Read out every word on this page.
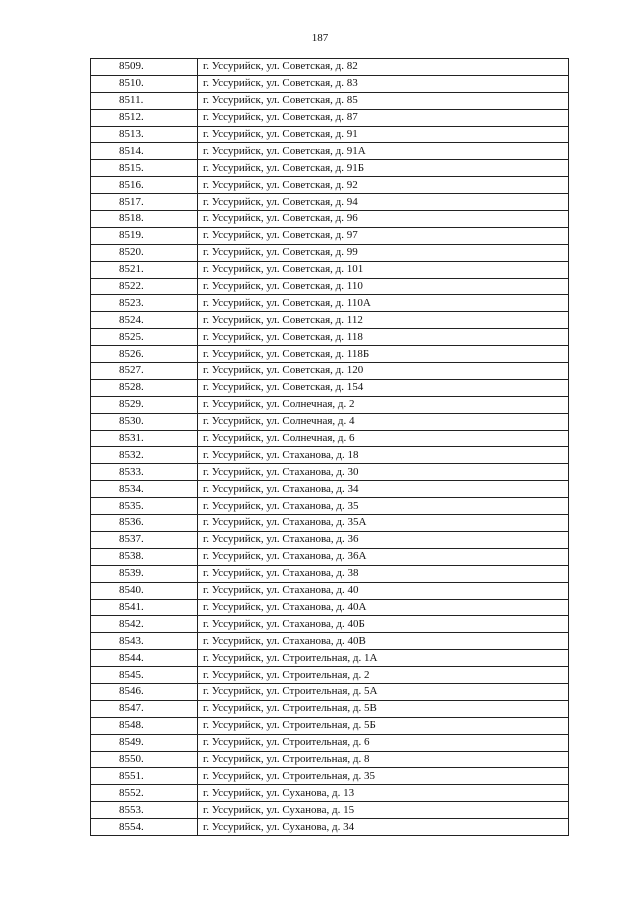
187
8509.	г. Уссурийск, ул. Советская, д. 82
8510.	г. Уссурийск, ул. Советская, д. 83
8511.	г. Уссурийск, ул. Советская, д. 85
8512.	г. Уссурийск, ул. Советская, д. 87
8513.	г. Уссурийск, ул. Советская, д. 91
8514.	г. Уссурийск, ул. Советская, д. 91А
8515.	г. Уссурийск, ул. Советская, д. 91Б
8516.	г. Уссурийск, ул. Советская, д. 92
8517.	г. Уссурийск, ул. Советская, д. 94
8518.	г. Уссурийск, ул. Советская, д. 96
8519.	г. Уссурийск, ул. Советская, д. 97
8520.	г. Уссурийск, ул. Советская, д. 99
8521.	г. Уссурийск, ул. Советская, д. 101
8522.	г. Уссурийск, ул. Советская, д. 110
8523.	г. Уссурийск, ул. Советская, д. 110А
8524.	г. Уссурийск, ул. Советская, д. 112
8525.	г. Уссурийск, ул. Советская, д. 118
8526.	г. Уссурийск, ул. Советская, д. 118Б
8527.	г. Уссурийск, ул. Советская, д. 120
8528.	г. Уссурийск, ул. Советская, д. 154
8529.	г. Уссурийск, ул. Солнечная, д. 2
8530.	г. Уссурийск, ул. Солнечная, д. 4
8531.	г. Уссурийск, ул. Солнечная, д. 6
8532.	г. Уссурийск, ул. Стаханова, д. 18
8533.	г. Уссурийск, ул. Стаханова, д. 30
8534.	г. Уссурийск, ул. Стаханова, д. 34
8535.	г. Уссурийск, ул. Стаханова, д. 35
8536.	г. Уссурийск, ул. Стаханова, д. 35А
8537.	г. Уссурийск, ул. Стаханова, д. 36
8538.	г. Уссурийск, ул. Стаханова, д. 36А
8539.	г. Уссурийск, ул. Стаханова, д. 38
8540.	г. Уссурийск, ул. Стаханова, д. 40
8541.	г. Уссурийск, ул. Стаханова, д. 40А
8542.	г. Уссурийск, ул. Стаханова, д. 40Б
8543.	г. Уссурийск, ул. Стаханова, д. 40В
8544.	г. Уссурийск, ул. Строительная, д. 1А
8545.	г. Уссурийск, ул. Строительная, д. 2
8546.	г. Уссурийск, ул. Строительная, д. 5А
8547.	г. Уссурийск, ул. Строительная, д. 5В
8548.	г. Уссурийск, ул. Строительная, д. 5Б
8549.	г. Уссурийск, ул. Строительная, д. 6
8550.	г. Уссурийск, ул. Строительная, д. 8
8551.	г. Уссурийск, ул. Строительная, д. 35
8552.	г. Уссурийск, ул. Суханова, д. 13
8553.	г. Уссурийск, ул. Суханова, д. 15
8554.	г. Уссурийск, ул. Суханова, д. 34
